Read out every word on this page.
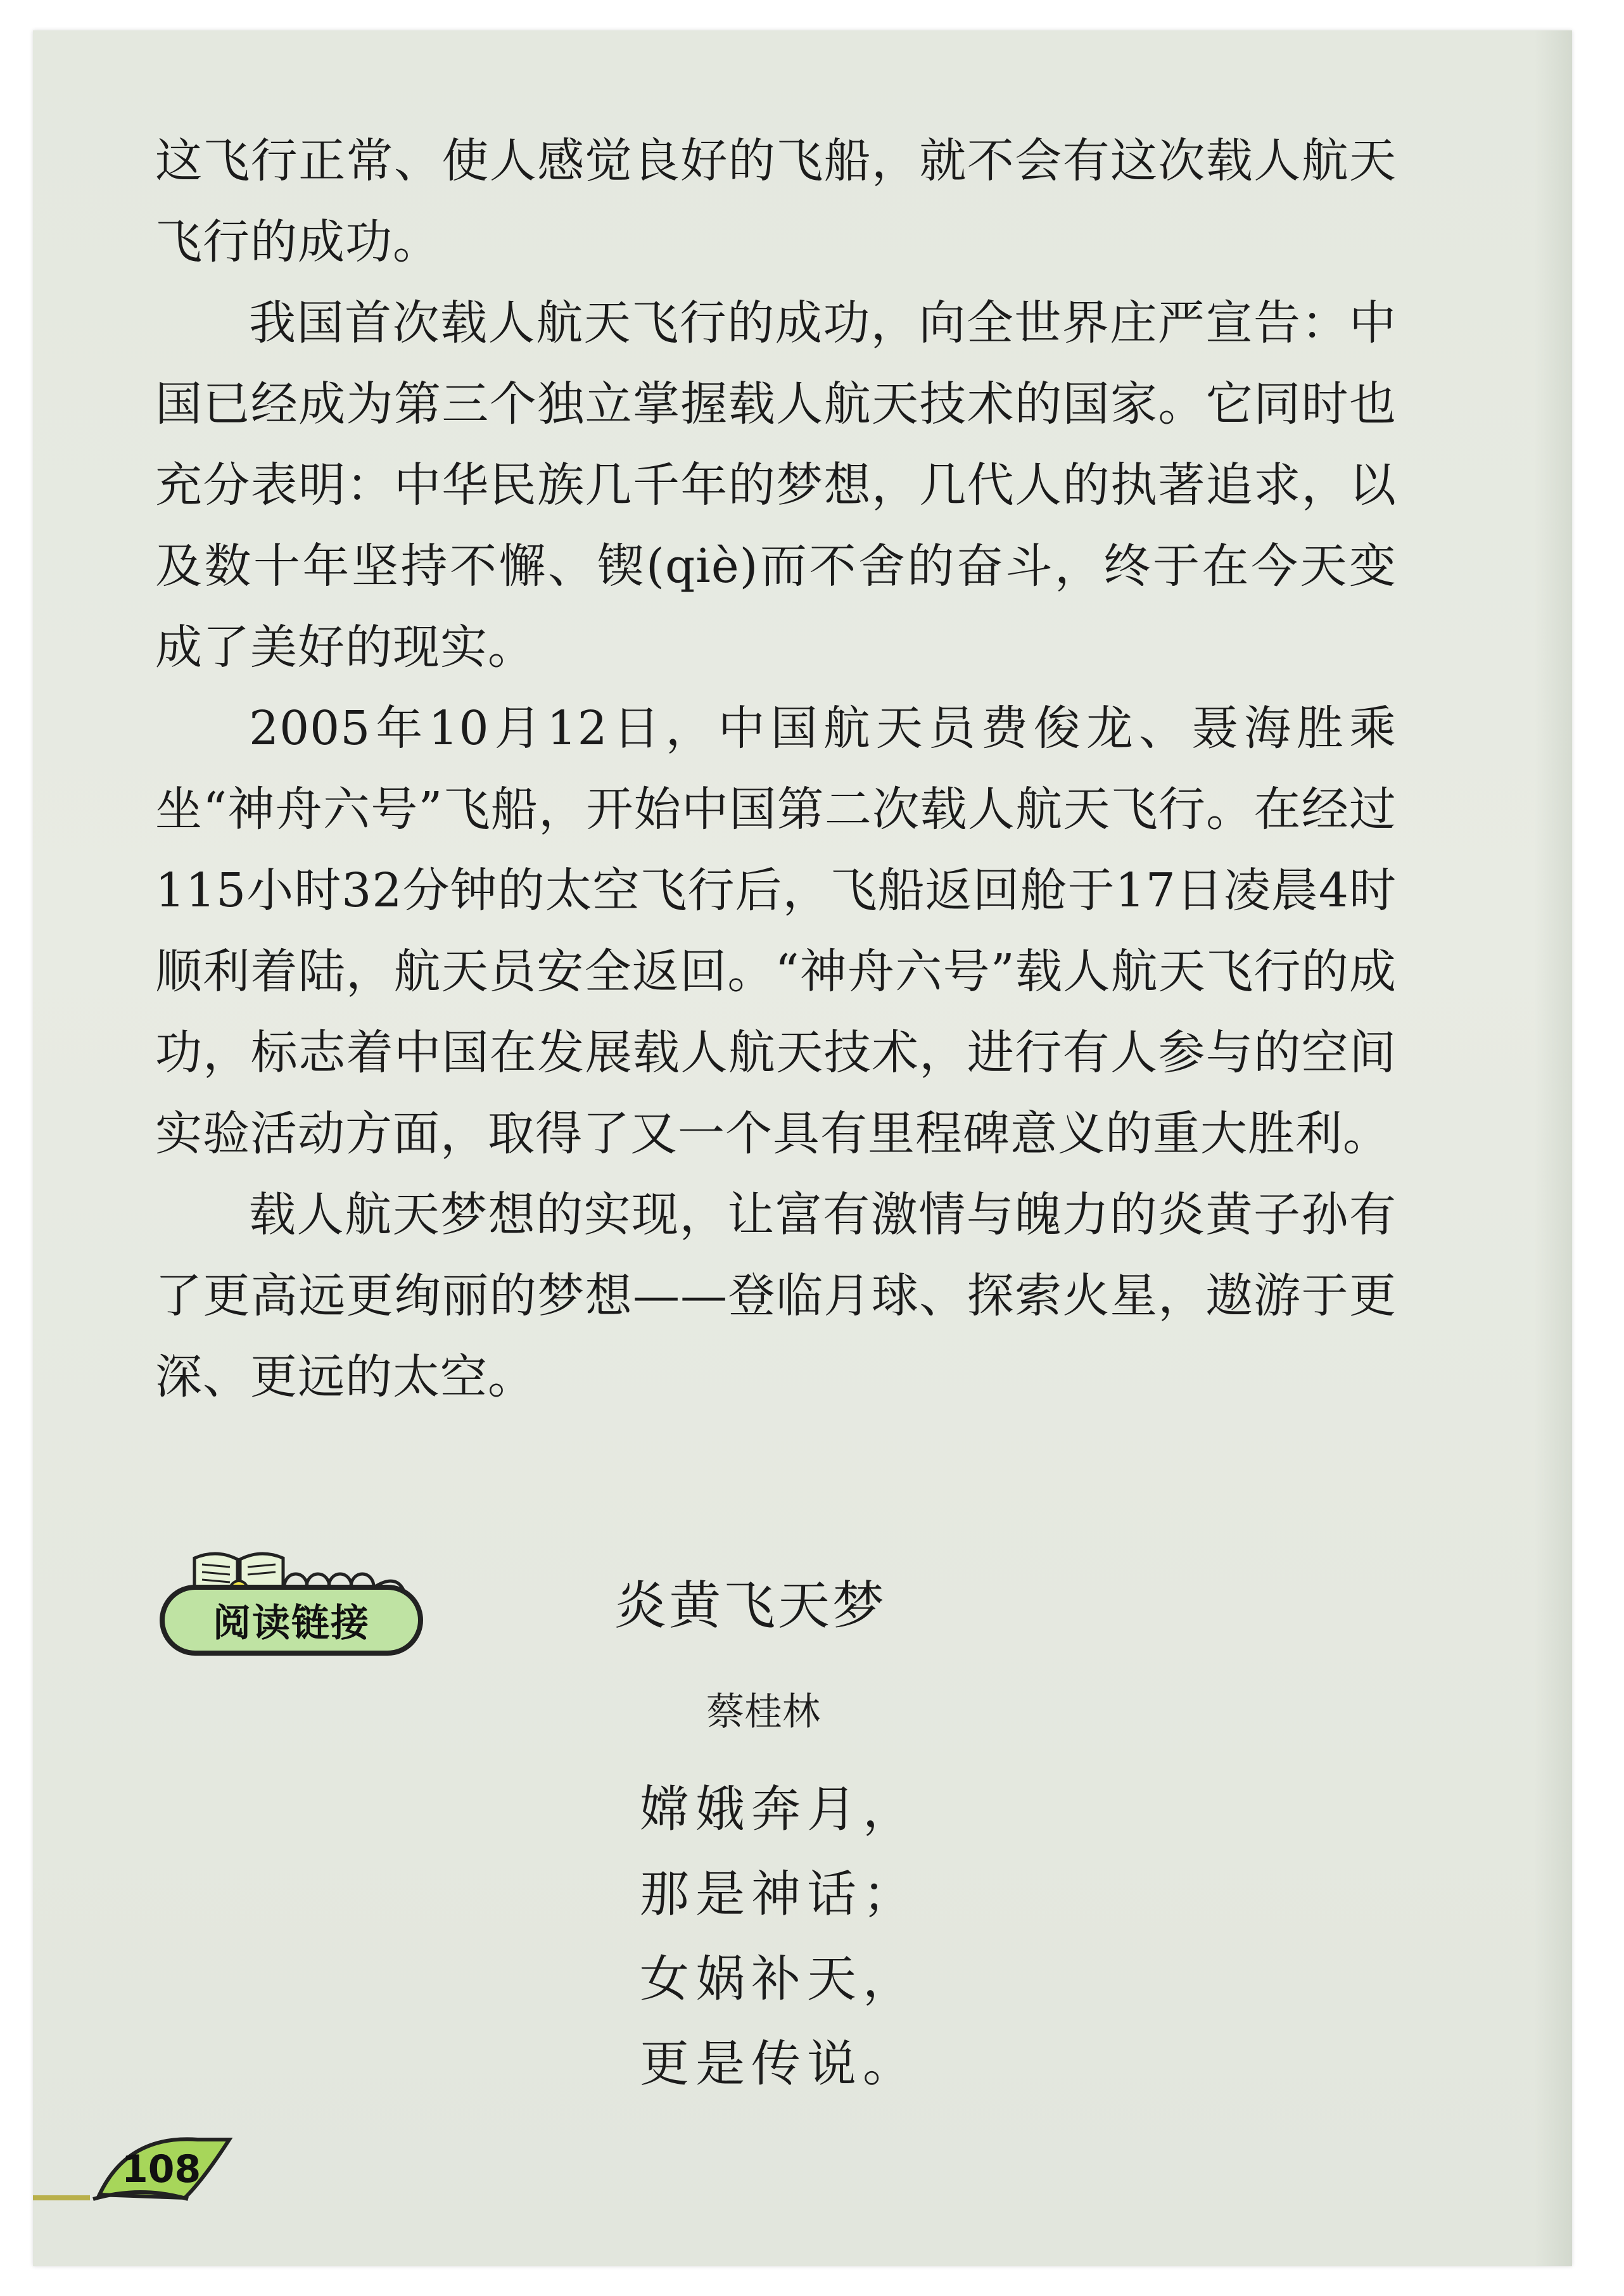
这飞行正常、使人感觉良好的飞船，就不会有这次载人航天飞行的成功。

我国首次载人航天飞行的成功，向全世界庄严宣告：中国已经成为第三个独立掌握载人航天技术的国家。它同时也充分表明：中华民族几千年的梦想，几代人的执著追求，以及数十年坚持不懈、锲(qiè)而不舍的奋斗，终于在今天变成了美好的现实。

2005年10月12日，中国航天员费俊龙、聂海胜乘坐“神舟六号”飞船，开始中国第二次载人航天飞行。在经过115小时32分钟的太空飞行后，飞船返回舱于17日凌晨4时顺利着陆，航天员安全返回。“神舟六号”载人航天飞行的成功，标志着中国在发展载人航天技术，进行有人参与的空间实验活动方面，取得了又一个具有里程碑意义的重大胜利。

载人航天梦想的实现，让富有激情与魄力的炎黄子孙有了更高远更绚丽的梦想——登临月球、探索火星，遨游于更深、更远的太空。

阅读链接	炎黄飞天梦
蔡桂林
嫦娥奔月，
那是神话；
女娲补天，
更是传说。
108
